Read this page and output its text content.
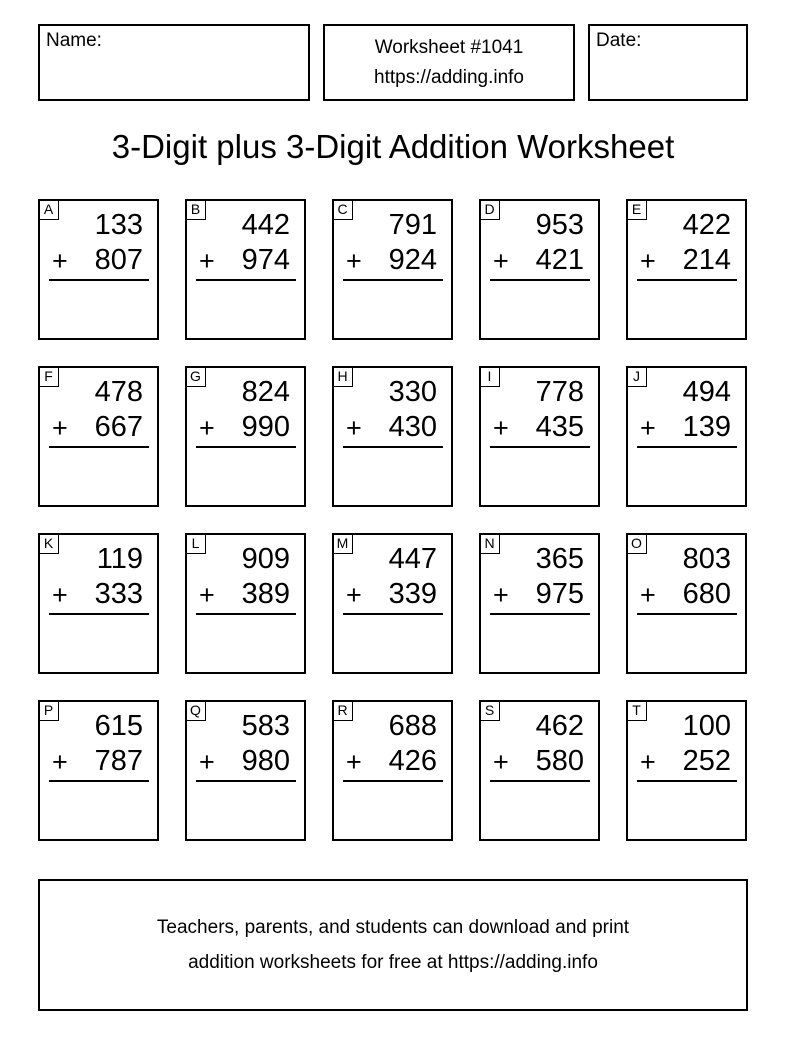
Name:	Worksheet #1041
https://adding.info
Date:
3-Digit plus 3-Digit Addition Worksheet
A 133
+ 807
B 442
+ 974
C 791
+ 924
D 953
+ 421
E 422
+ 214
F 478
+ 667
G 824
+ 990
H 330
+ 430
I 778
+ 435
J 494
+ 139
K 119
+ 333
L 909
+ 389
M 447
+ 339
N 365
+ 975
O 803
+ 680
P 615
+ 787
Q 583
+ 980
R 688
+ 426
S 462
+ 580
T 100
+ 252
Teachers, parents, and students can download and print
addition worksheets for free at https://adding.info
